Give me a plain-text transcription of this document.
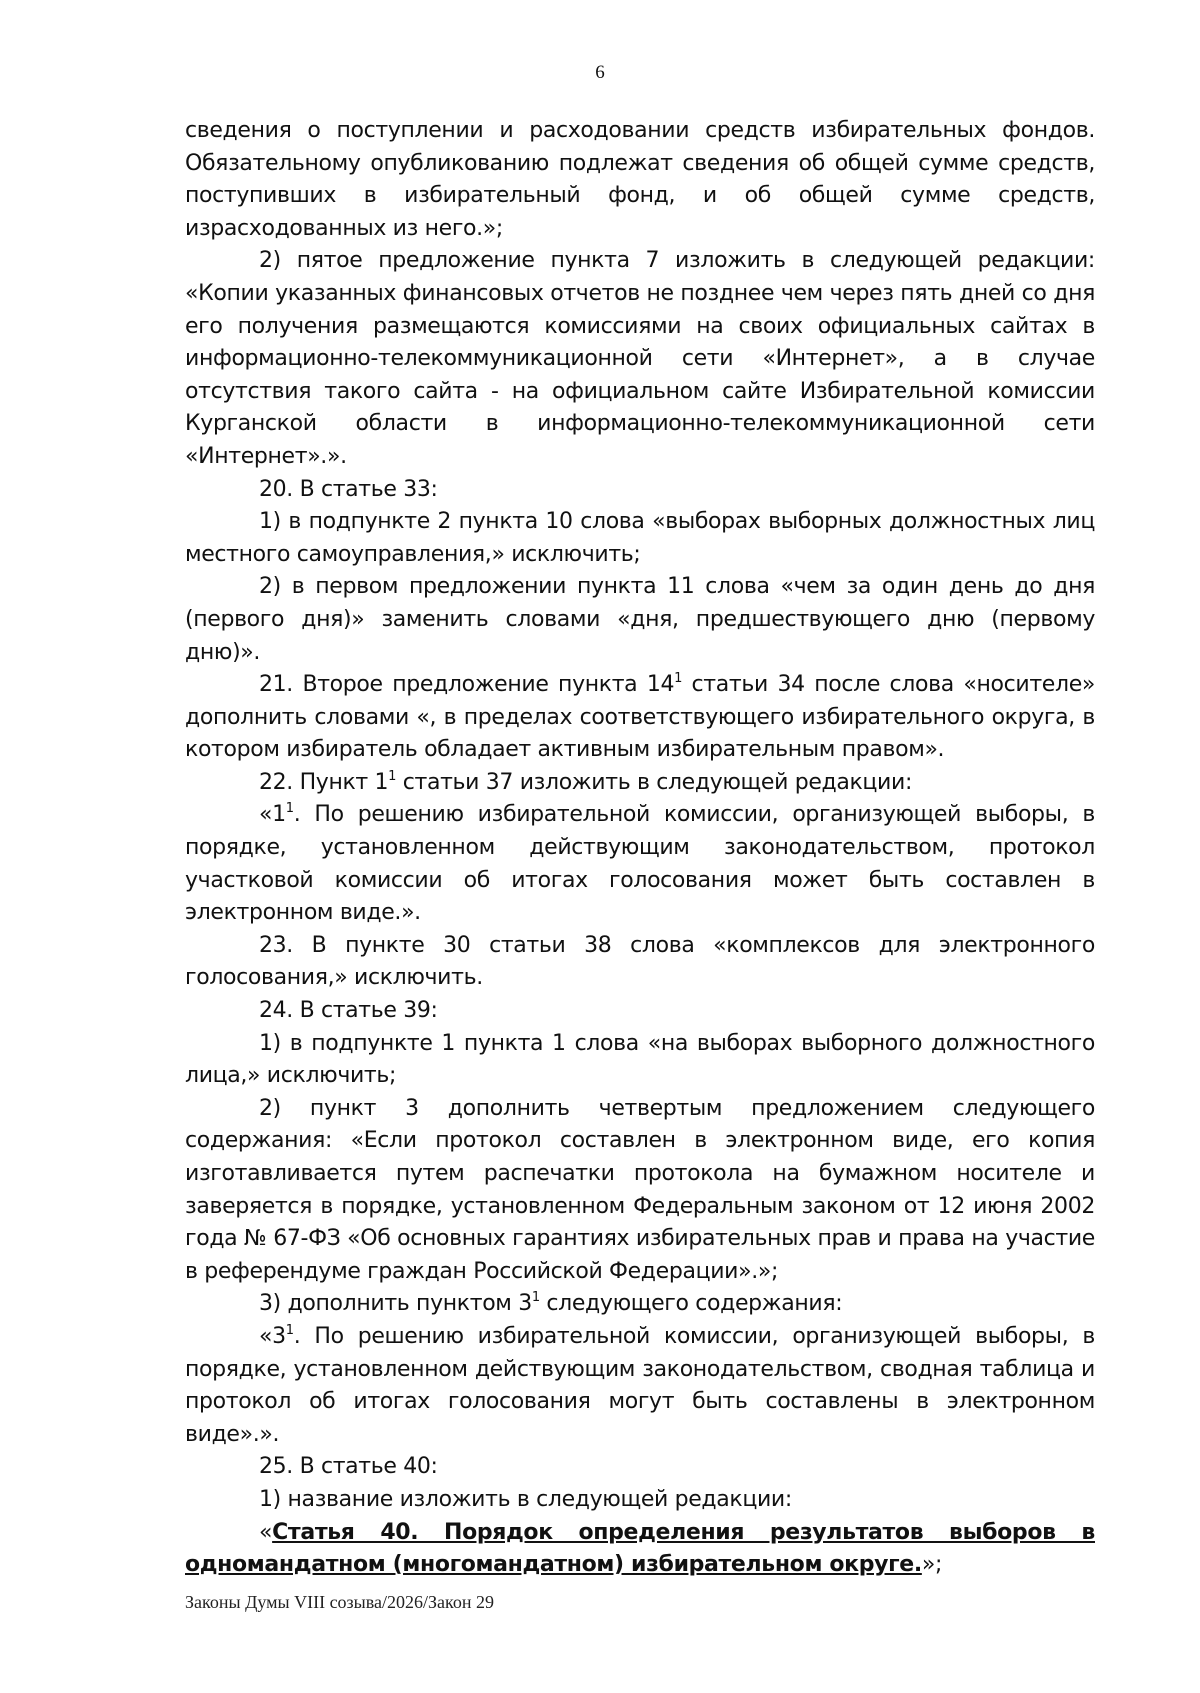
6

сведения о поступлении и расходовании средств избирательных фондов. Обязательному опубликованию подлежат сведения об общей сумме средств, поступивших в избирательный фонд, и об общей сумме средств, израсходованных из него.»;

2) пятое предложение пункта 7 изложить в следующей редакции: «Копии указанных финансовых отчетов не позднее чем через пять дней со дня его получения размещаются комиссиями на своих официальных сайтах в информационно-телекоммуникационной сети «Интернет», а в случае отсутствия такого сайта - на официальном сайте Избирательной комиссии Курганской области в информационно-телекоммуникационной сети «Интернет».».

20. В статье 33:

1) в подпункте 2 пункта 10 слова «выборах выборных должностных лиц местного самоуправления,» исключить;

2) в первом предложении пункта 11 слова «чем за один день до дня (первого дня)» заменить словами «дня, предшествующего дню (первому дню)».

21. Второе предложение пункта $14^1$ статьи 34 после слова «носителе» дополнить словами «, в пределах соответствующего избирательного округа, в котором избиратель обладает активным избирательным правом».

22. Пункт $1^1$ статьи 37 изложить в следующей редакции:

«$1^1$. По решению избирательной комиссии, организующей выборы, в порядке, установленном действующим законодательством, протокол участковой комиссии об итогах голосования может быть составлен в электронном виде.».

23. В пункте 30 статьи 38 слова «комплексов для электронного голосования,» исключить.

24. В статье 39:

1) в подпункте 1 пункта 1 слова «на выборах выборного должностного лица,» исключить;

2) пункт 3 дополнить четвертым предложением следующего содержания: «Если протокол составлен в электронном виде, его копия изготавливается путем распечатки протокола на бумажном носителе и заверяется в порядке, установленном Федеральным законом от 12 июня 2002 года № 67-ФЗ «Об основных гарантиях избирательных прав и права на участие в референдуме граждан Российской Федерации».»;

3) дополнить пунктом $3^1$ следующего содержания:

«$3^1$. По решению избирательной комиссии, организующей выборы, в порядке, установленном действующим законодательством, сводная таблица и протокол об итогах голосования могут быть составлены в электронном виде».».

25. В статье 40:

1) название изложить в следующей редакции:

«Статья 40. Порядок определения результатов выборов в одномандатном (многомандатном) избирательном округе.»;

Законы Думы VIII созыва/2026/Закон 29
